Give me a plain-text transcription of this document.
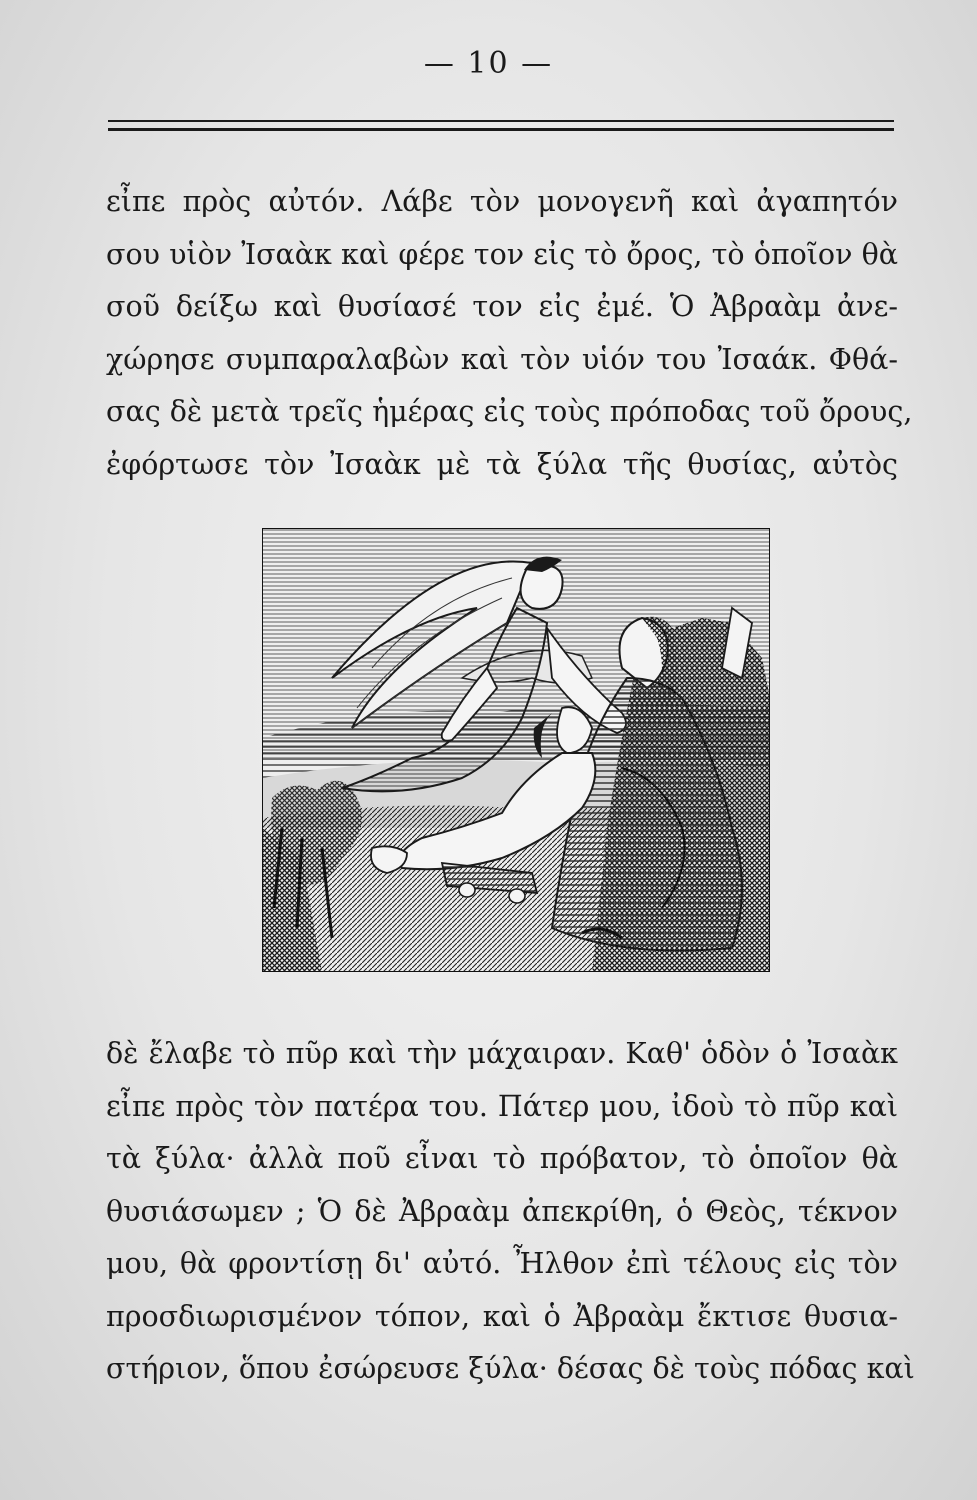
— 10 —
εἶπε πρὸς αὐτόν. Λάβε τὸν μονογενῆ καὶ ἀγαπητόν
σου υἱὸν Ἰσαὰκ καὶ φέρε τον εἰς τὸ ὄρος, τὸ ὁποῖον θὰ
σοῦ δείξω καὶ θυσίασέ τον εἰς ἐμέ. Ὁ Ἀβραὰμ ἀνε-
χώρησε συμπαραλαβὼν καὶ τὸν υἱόν του Ἰσαάκ. Φθά-
σας δὲ μετὰ τρεῖς ἡμέρας εἰς τοὺς πρόποδας τοῦ ὄρους,
ἐφόρτωσε τὸν Ἰσαὰκ μὲ τὰ ξύλα τῆς θυσίας, αὐτὸς
δὲ ἔλαβε τὸ πῦρ καὶ τὴν μάχαιραν. Καθ' ὁδὸν ὁ Ἰσαὰκ
εἶπε πρὸς τὸν πατέρα του. Πάτερ μου, ἰδοὺ τὸ πῦρ καὶ
τὰ ξύλα· ἀλλὰ ποῦ εἶναι τὸ πρόβατον, τὸ ὁποῖον θὰ
θυσιάσωμεν ; Ὁ δὲ Ἀβραὰμ ἀπεκρίθη, ὁ Θεὸς, τέκνον
μου, θὰ φροντίσῃ δι' αὐτό. Ἦλθον ἐπὶ τέλους εἰς τὸν
προσδιωρισμένον τόπον, καὶ ὁ Ἀβραὰμ ἔκτισε θυσια-
στήριον, ὅπου ἐσώρευσε ξύλα· δέσας δὲ τοὺς πόδας καὶ
